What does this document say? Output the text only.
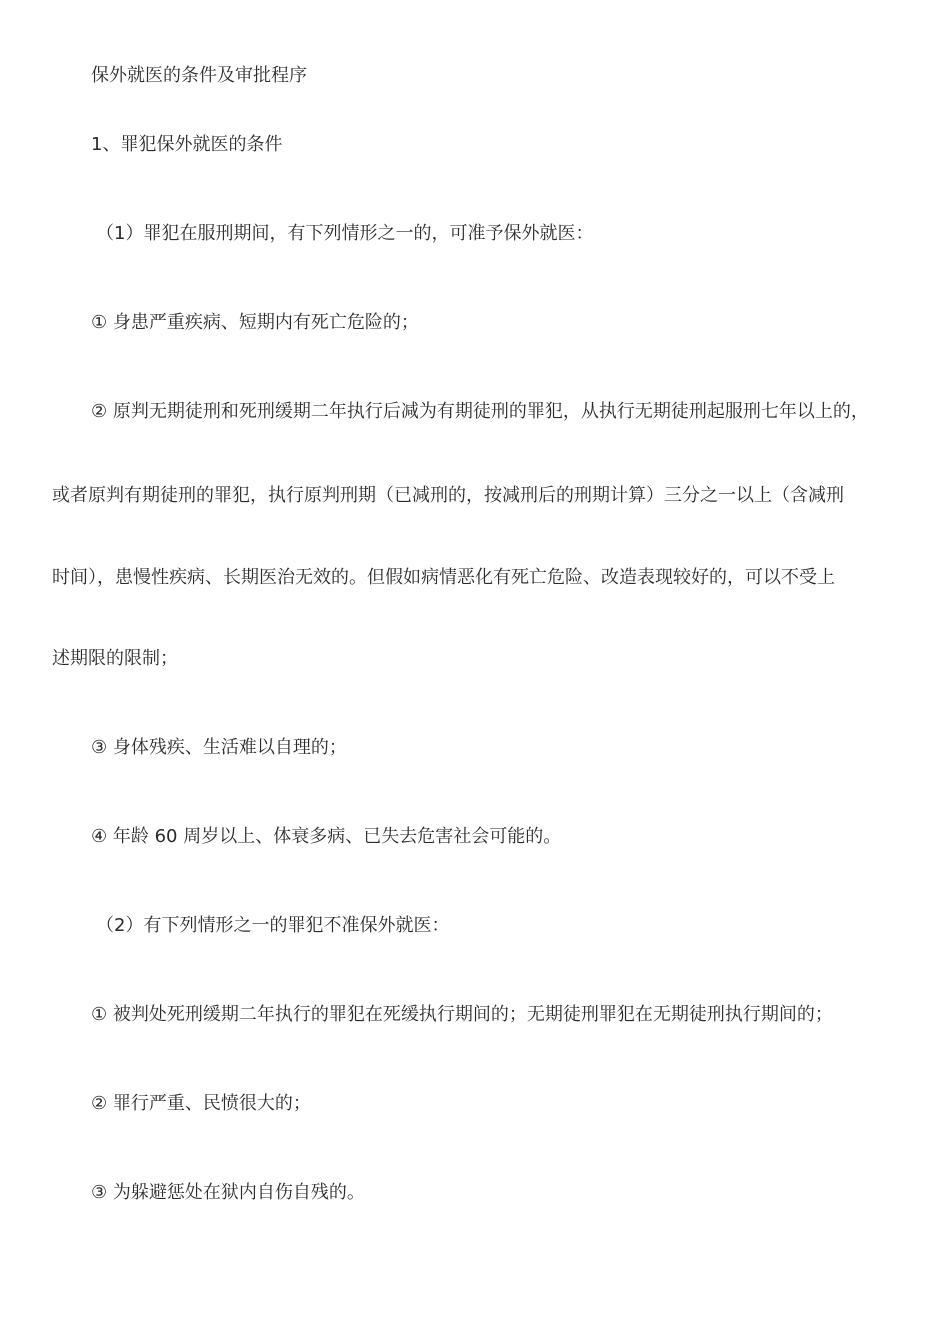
保外就医的条件及审批程序

1、罪犯保外就医的条件

（1）罪犯在服刑期间，有下列情形之一的，可准予保外就医：

① 身患严重疾病、短期内有死亡危险的；

② 原判无期徒刑和死刑缓期二年执行后减为有期徒刑的罪犯，从执行无期徒刑起服刑七年以上的，

或者原判有期徒刑的罪犯，执行原判刑期（已减刑的，按减刑后的刑期计算）三分之一以上（含减刑

时间），患慢性疾病、长期医治无效的。但假如病情恶化有死亡危险、改造表现较好的，可以不受上

述期限的限制；

③ 身体残疾、生活难以自理的；

④ 年龄 60 周岁以上、体衰多病、已失去危害社会可能的。

（2）有下列情形之一的罪犯不准保外就医：

① 被判处死刑缓期二年执行的罪犯在死缓执行期间的；无期徒刑罪犯在无期徒刑执行期间的；

② 罪行严重、民愤很大的；

③ 为躲避惩处在狱内自伤自残的。
